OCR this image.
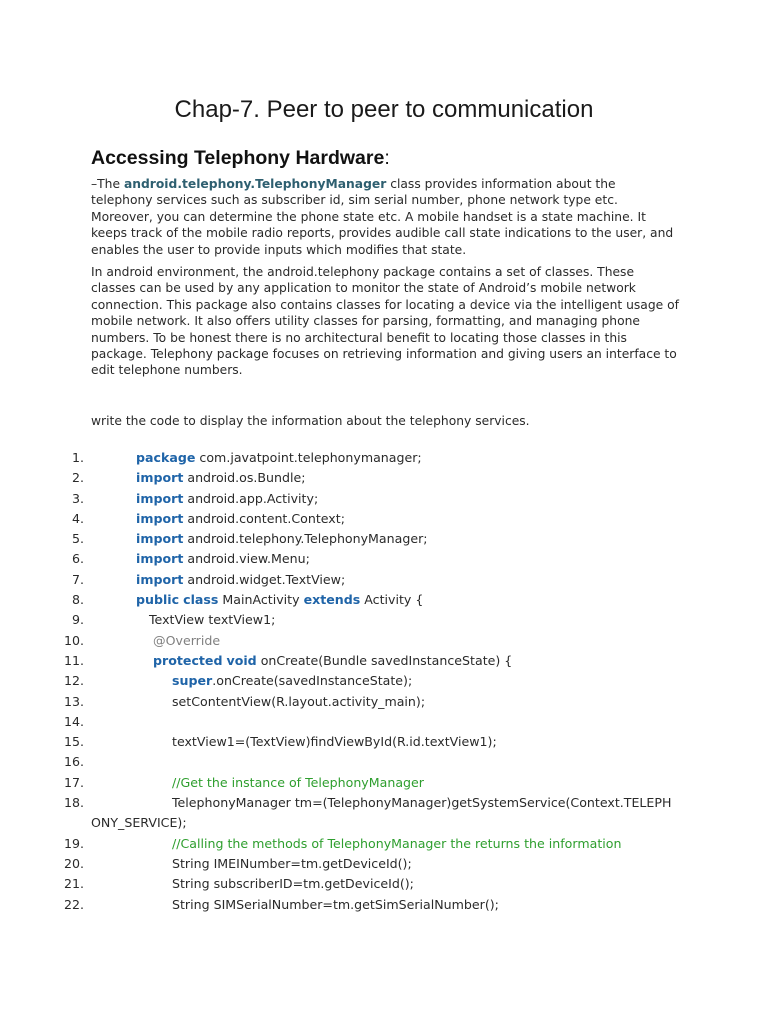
Chap-7. Peer to peer to communication
Accessing Telephony Hardware:

–The android.telephony.TelephonyManager class provides information about the telephony services such as subscriber id, sim serial number, phone network type etc. Moreover, you can determine the phone state etc. A mobile handset is a state machine. It keeps track of the mobile radio reports, provides audible call state indications to the user, and enables the user to provide inputs which modifies that state.

In android environment, the android.telephony package contains a set of classes. These classes can be used by any application to monitor the state of Android’s mobile network connection. This package also contains classes for locating a device via the intelligent usage of mobile network. It also offers utility classes for parsing, formatting, and managing phone numbers. To be honest there is no architectural benefit to locating those classes in this package. Telephony package focuses on retrieving information and giving users an interface to edit telephone numbers.

write the code to display the information about the telephony services.

1.	package com.javatpoint.telephonymanager;
2.	import android.os.Bundle;
3.	import android.app.Activity;
4.	import android.content.Context;
5.	import android.telephony.TelephonyManager;
6.	import android.view.Menu;
7.	import android.widget.TextView;
8.	public class MainActivity extends Activity {
9.	TextView textView1;
10.	@Override
11.	protected void onCreate(Bundle savedInstanceState) {
12.	super.onCreate(savedInstanceState);
13.	setContentView(R.layout.activity_main);
14.
15.	textView1=(TextView)findViewById(R.id.textView1);
16.
17.	//Get the instance of TelephonyManager
18.	TelephonyManager tm=(TelephonyManager)getSystemService(Context.TELEPH
ONY_SERVICE);
19.	//Calling the methods of TelephonyManager the returns the information
20.	String IMEINumber=tm.getDeviceId();
21.	String subscriberID=tm.getDeviceId();
22.	String SIMSerialNumber=tm.getSimSerialNumber();
